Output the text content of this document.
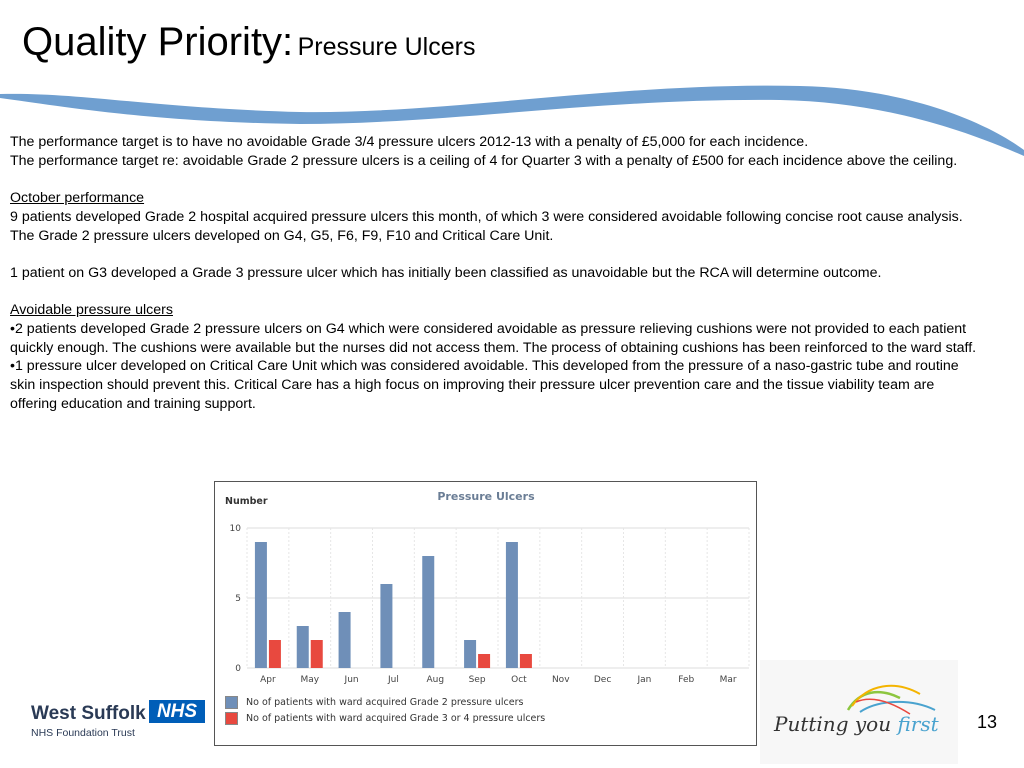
Quality Priority: Pressure Ulcers

The performance target is to have no avoidable Grade 3/4 pressure ulcers 2012-13 with a penalty of £5,000 for each incidence.

The performance target re: avoidable Grade 2 pressure ulcers is a ceiling of 4 for Quarter 3 with a penalty of £500 for each incidence above the ceiling.

October performance

9 patients developed Grade 2 hospital acquired pressure ulcers this month, of which 3 were considered avoidable following concise root cause analysis. The Grade 2 pressure ulcers developed on G4, G5, F6, F9, F10 and Critical Care Unit.

1 patient on G3 developed a Grade 3 pressure ulcer which has initially been classified as unavoidable but the RCA will determine outcome.

Avoidable pressure ulcers

•2 patients developed Grade 2 pressure ulcers on G4 which were considered avoidable as pressure relieving cushions were not provided to each patient quickly enough. The cushions were available but the nurses did not access them. The process of obtaining cushions has been reinforced to the ward staff.

•1 pressure ulcer developed on Critical Care Unit which was considered avoidable. This developed from the pressure of a naso-gastric tube and routine skin inspection should prevent this. Critical Care has a high focus on improving their pressure ulcer prevention care and the tissue viability team are offering education and training support.

Number	Pressure Ulcers
0
5
10
Apr	May	Jun	Jul	Aug	Sep	Oct	Nov	Dec	Jan	Feb	Mar
No of patients with ward acquired Grade 2 pressure ulcers
No of patients with ward acquired Grade 3 or 4 pressure ulcers
West Suffolk NHS
NHS Foundation Trust	Putting you first 13
